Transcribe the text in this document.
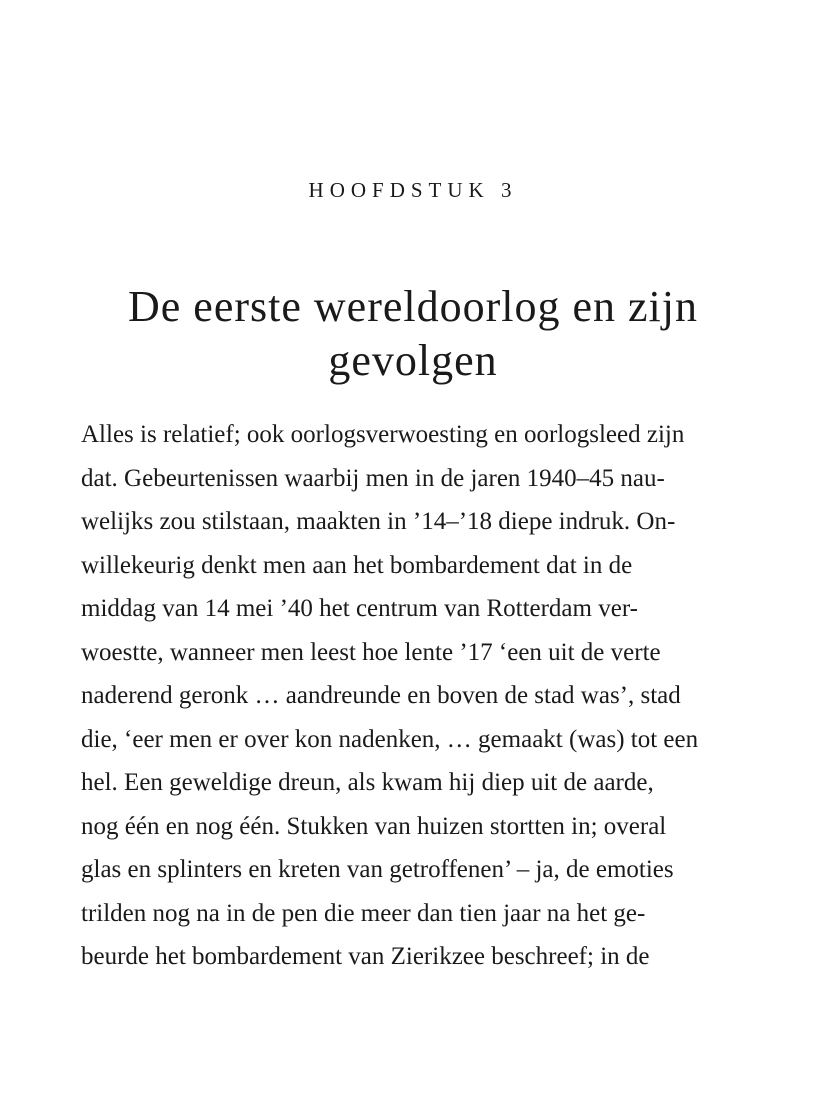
HOOFDSTUK 3
De eerste wereldoorlog en zijn
gevolgen
Alles is relatief; ook oorlogsverwoesting en oorlogsleed zijn
dat. Gebeurtenissen waarbij men in de jaren 1940–45 nau-
welijks zou stilstaan, maakten in ’14–’18 diepe indruk. On-
willekeurig denkt men aan het bombardement dat in de
middag van 14 mei ’40 het centrum van Rotterdam ver-
woestte, wanneer men leest hoe lente ’17 ‘een uit de verte
naderend geronk … aandreunde en boven de stad was’, stad
die, ‘eer men er over kon nadenken, … gemaakt (was) tot een
hel. Een geweldige dreun, als kwam hij diep uit de aarde,
nog één en nog één. Stukken van huizen stortten in; overal
glas en splinters en kreten van getroffenen’ – ja, de emoties
trilden nog na in de pen die meer dan tien jaar na het ge-
beurde het bombardement van Zierikzee beschreef; in de
